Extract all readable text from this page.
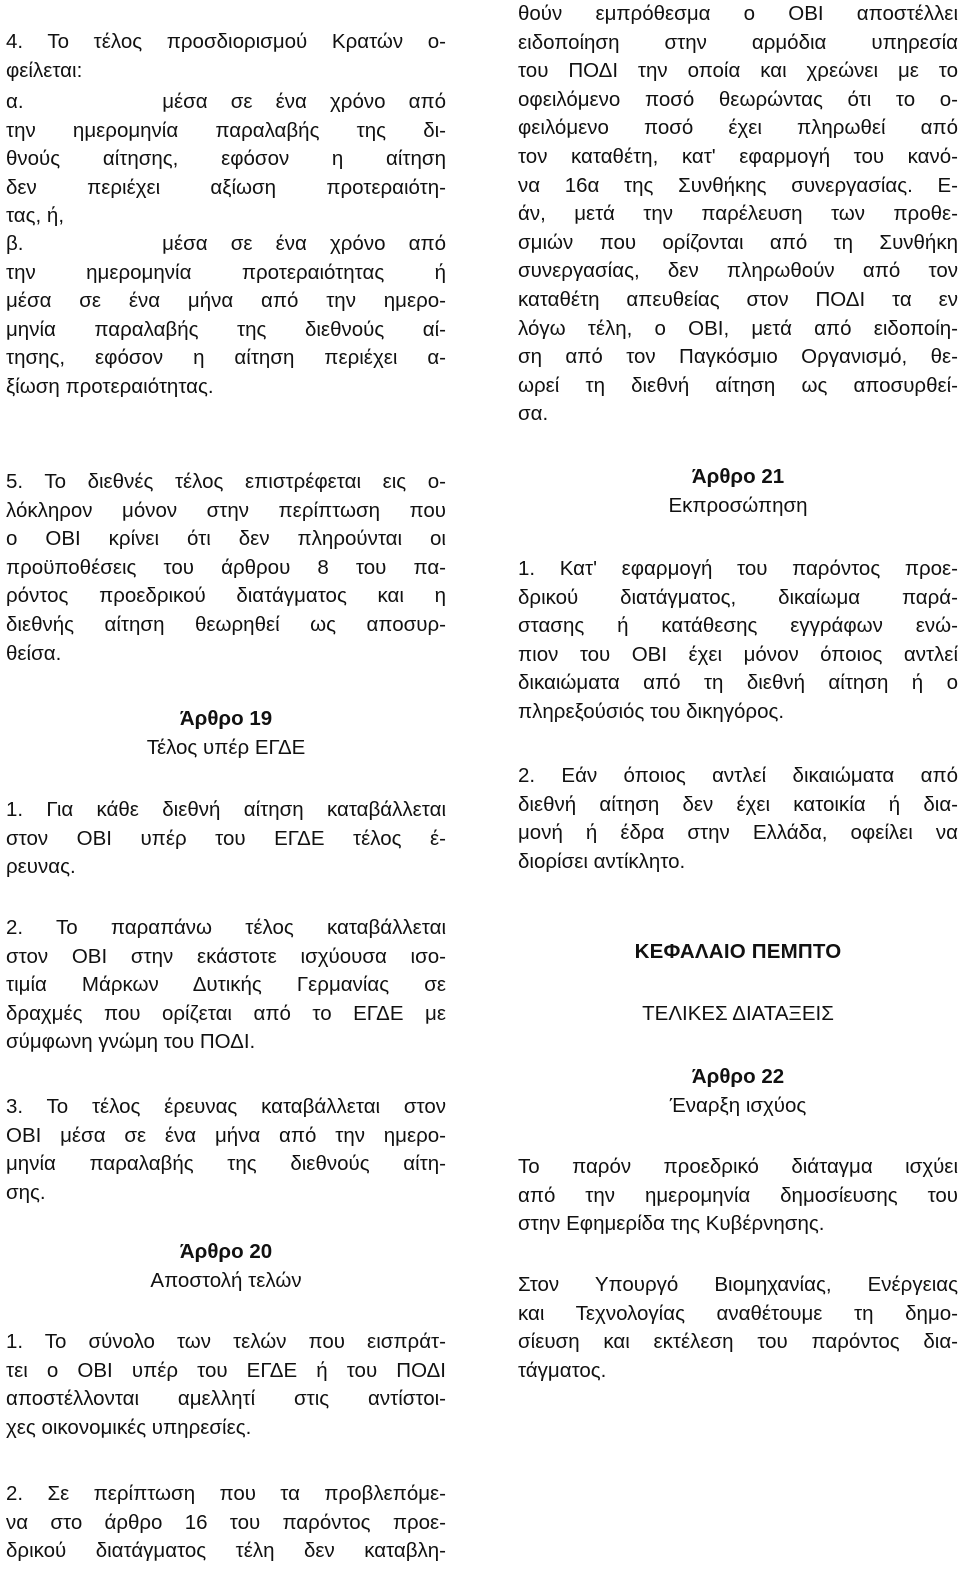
4. Το τέλος προσδιορισμού Κρατών ο-
φείλεται:
α.      μέσα σε ένα χρόνο από
την ημερομηνία παραλαβής της δι-
θνούς αίτησης, εφόσον η αίτηση
δεν περιέχει αξίωση προτεραιότη-
τας, ή,
β.      μέσα σε ένα χρόνο από
την ημερομηνία προτεραιότητας ή
μέσα σε ένα μήνα από την ημερο-
μηνία παραλαβής της διεθνούς αί-
τησης, εφόσον η αίτηση περιέχει α-
ξίωση προτεραιότητας.
5. Το διεθνές τέλος επιστρέφεται εις ο-
λόκληρον μόνον στην περίπτωση που
ο ΟΒΙ κρίνει ότι δεν πληρούνται οι
προϋποθέσεις του άρθρου 8 του πα-
ρόντος προεδρικού διατάγματος και η
διεθνής αίτηση θεωρηθεί ως αποσυρ-
θείσα.
Άρθρο 19
Τέλος υπέρ ΕΓΔΕ
1. Για κάθε διεθνή αίτηση καταβάλλεται
στον ΟΒΙ υπέρ του ΕΓΔΕ τέλος έ-
ρευνας.
2. Το παραπάνω τέλος καταβάλλεται
στον ΟΒΙ στην εκάστοτε ισχύουσα ισο-
τιμία Μάρκων Δυτικής Γερμανίας σε
δραχμές που ορίζεται από το ΕΓΔΕ με
σύμφωνη γνώμη του ΠΟΔΙ.
3. Το τέλος έρευνας καταβάλλεται στον
ΟΒΙ μέσα σε ένα μήνα από την ημερο-
μηνία παραλαβής της διεθνούς αίτη-
σης.
Άρθρο 20
Αποστολή τελών
1. Το σύνολο των τελών που εισπράτ-
τει ο ΟΒΙ υπέρ του ΕΓΔΕ ή του ΠΟΔΙ
αποστέλλονται αμελλητί στις αντίστοι-
χες οικονομικές υπηρεσίες.
2. Σε περίπτωση που τα προβλεπόμε-
να στο άρθρο 16 του παρόντος προε-
δρικού διατάγματος τέλη δεν καταβλη-
θούν εμπρόθεσμα ο ΟΒΙ αποστέλλει
ειδοποίηση στην αρμόδια υπηρεσία
του ΠΟΔΙ την οποία και χρεώνει με το
οφειλόμενο ποσό θεωρώντας ότι το ο-
φειλόμενο ποσό έχει πληρωθεί από
τον καταθέτη, κατ' εφαρμογή του κανό-
να 16α της Συνθήκης συνεργασίας. Ε-
άν, μετά την παρέλευση των προθε-
σμιών που ορίζονται από τη Συνθήκη
συνεργασίας, δεν πληρωθούν από τον
καταθέτη απευθείας στον ΠΟΔΙ τα εν
λόγω τέλη, ο ΟΒΙ, μετά από ειδοποίη-
ση από τον Παγκόσμιο Οργανισμό, θε-
ωρεί τη διεθνή αίτηση ως αποσυρθεί-
σα.
Άρθρο 21
Εκπροσώπηση
1. Κατ' εφαρμογή του παρόντος προε-
δρικού διατάγματος, δικαίωμα παρά-
στασης ή κατάθεσης εγγράφων ενώ-
πιον του ΟΒΙ έχει μόνον όποιος αντλεί
δικαιώματα από τη διεθνή αίτηση ή ο
πληρεξούσιός του δικηγόρος.
2. Εάν όποιος αντλεί δικαιώματα από
διεθνή αίτηση δεν έχει κατοικία ή δια-
μονή ή έδρα στην Ελλάδα, οφείλει να
διορίσει αντίκλητο.
ΚΕΦΑΛΑΙΟ ΠΕΜΠΤΟ
ΤΕΛΙΚΕΣ ΔΙΑΤΑΞΕΙΣ
Άρθρο 22
Έναρξη ισχύος
Το παρόν προεδρικό διάταγμα ισχύει
από την ημερομηνία δημοσίευσης του
στην Εφημερίδα της Κυβέρνησης.
Στον Υπουργό Βιομηχανίας, Ενέργειας
και Τεχνολογίας αναθέτουμε τη δημο-
σίευση και εκτέλεση του παρόντος δια-
τάγματος.
